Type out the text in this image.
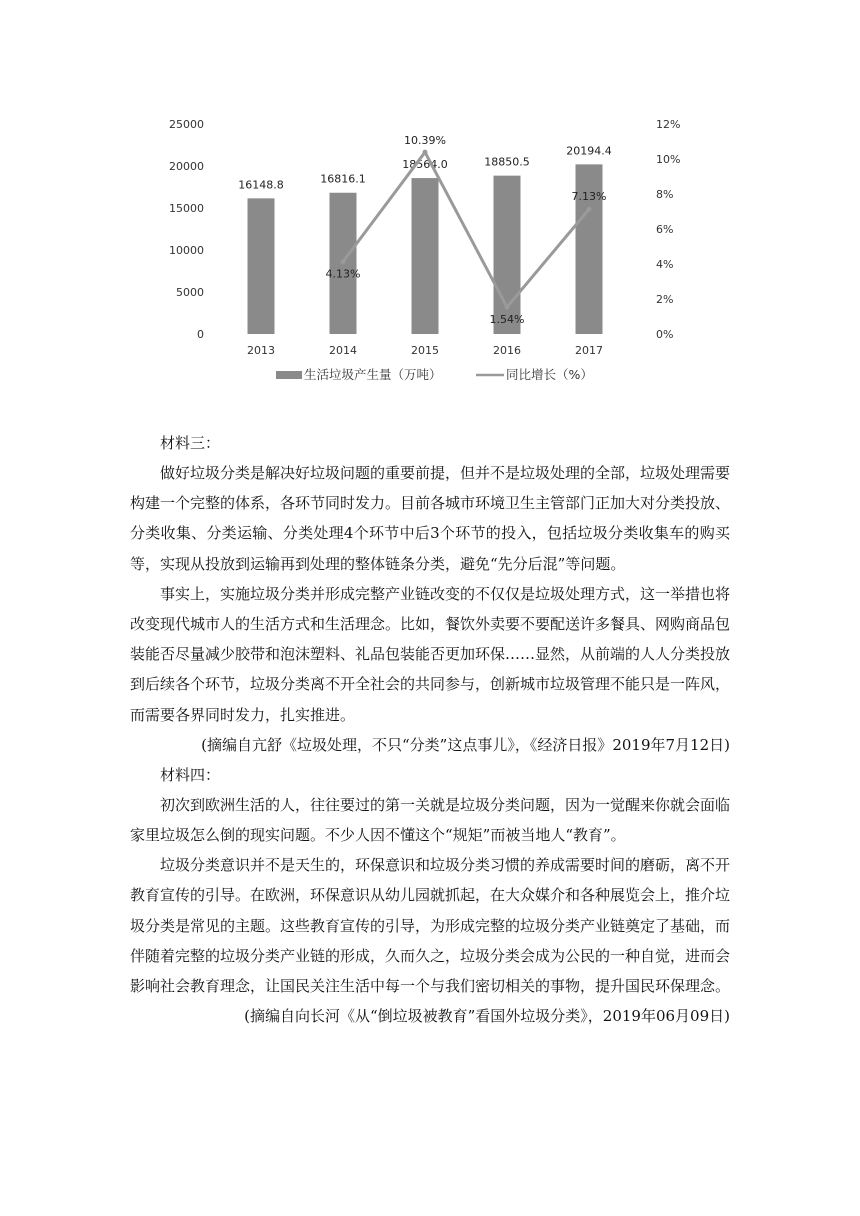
0
5000
10000
15000
20000
25000
0%
2%
4%
6%
8%
10%
12%
16148.8	16816.1
18564.0	18850.5
20194.4
4.13%
10.39%
1.54%
7.13%
2013	2014	2015	2016	2017
生活垃圾产生量（万吨）	同比增长（%）

材料三：

做好垃圾分类是解决好垃圾问题的重要前提，但并不是垃圾处理的全部，垃圾处理需要构建一个完整的体系，各环节同时发力。目前各城市环境卫生主管部门正加大对分类投放、分类收集、分类运输、分类处理4个环节中后3个环节的投入，包括垃圾分类收集车的购买等，实现从投放到运输再到处理的整体链条分类，避免“先分后混”等问题。

事实上，实施垃圾分类并形成完整产业链改变的不仅仅是垃圾处理方式，这一举措也将改变现代城市人的生活方式和生活理念。比如，餐饮外卖要不要配送许多餐具、网购商品包装能否尽量减少胶带和泡沫塑料、礼品包装能否更加环保……显然，从前端的人人分类投放到后续各个环节，垃圾分类离不开全社会的共同参与，创新城市垃圾管理不能只是一阵风，而需要各界同时发力，扎实推进。

(摘编自亢舒《垃圾处理，不只“分类”这点事儿》，《经济日报》2019年7月12日)

材料四：

初次到欧洲生活的人，往往要过的第一关就是垃圾分类问题，因为一觉醒来你就会面临家里垃圾怎么倒的现实问题。不少人因不懂这个“规矩”而被当地人“教育”。

垃圾分类意识并不是天生的，环保意识和垃圾分类习惯的养成需要时间的磨砺，离不开教育宣传的引导。在欧洲，环保意识从幼儿园就抓起，在大众媒介和各种展览会上，推介垃圾分类是常见的主题。这些教育宣传的引导，为形成完整的垃圾分类产业链奠定了基础，而伴随着完整的垃圾分类产业链的形成，久而久之，垃圾分类会成为公民的一种自觉，进而会影响社会教育理念，让国民关注生活中每一个与我们密切相关的事物，提升国民环保理念。

(摘编自向长河《从“倒垃圾被教育”看国外垃圾分类》，2019年06月09日)
